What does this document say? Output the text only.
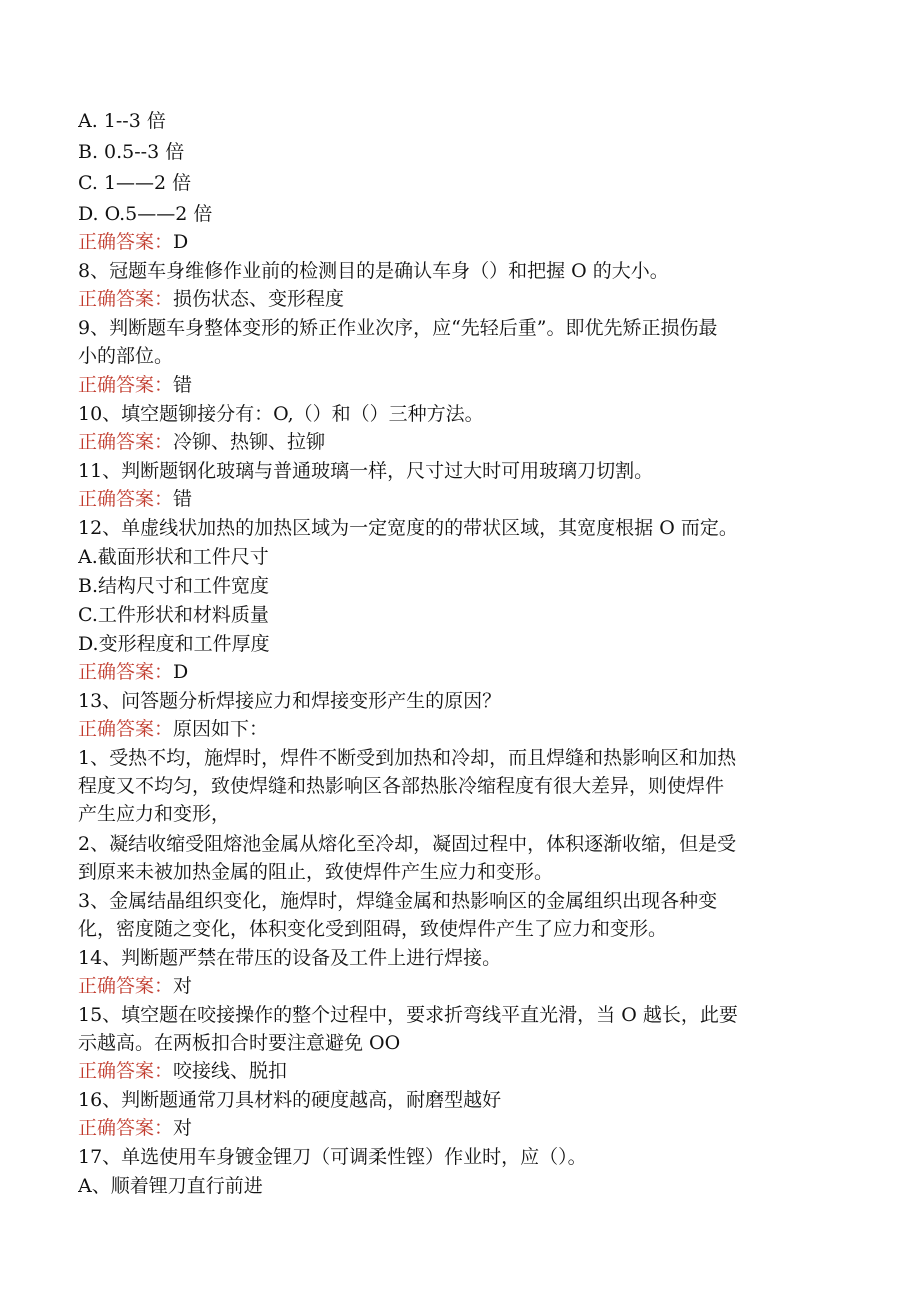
A. 1--3 倍
B. 0.5--3 倍
C. 1——2 倍
D. O.5——2 倍
正确答案：D
8、冠题车身维修作业前的检测目的是确认车身（）和把握 O 的大小。
正确答案：损伤状态、变形程度
9、判断题车身整体变形的矫正作业次序，应“先轻后重”。即优先矫正损伤最
小的部位。
正确答案：错
10、填空题铆接分有：O,（）和（）三种方法。
正确答案：冷铆、热铆、拉铆
11、判断题钢化玻璃与普通玻璃一样，尺寸过大时可用玻璃刀切割。
正确答案：错
12、单虚线状加热的加热区域为一定宽度的的带状区域，其宽度根据 O 而定。
A.截面形状和工件尺寸
B.结构尺寸和工件宽度
C.工件形状和材料质量
D.变形程度和工件厚度
正确答案：D
13、问答题分析焊接应力和焊接变形产生的原因？
正确答案：原因如下：
1、受热不均，施焊时，焊件不断受到加热和冷却，而且焊缝和热影响区和加热
程度又不均匀，致使焊缝和热影响区各部热胀冷缩程度有很大差异，则使焊件
产生应力和变形，
2、凝结收缩受阻熔池金属从熔化至冷却，凝固过程中，体积逐渐收缩，但是受
到原来未被加热金属的阻止，致使焊件产生应力和变形。
3、金属结晶组织变化，施焊时，焊缝金属和热影响区的金属组织出现各种变
化，密度随之变化，体积变化受到阻碍，致使焊件产生了应力和变形。
14、判断题严禁在带压的设备及工件上进行焊接。
正确答案：对
15、填空题在咬接操作的整个过程中，要求折弯线平直光滑，当 O 越长，此要
示越高。在两板扣合时要注意避免 OO
正确答案：咬接线、脱扣
16、判断题通常刀具材料的硬度越高，耐磨型越好
正确答案：对
17、单选使用车身镀金锂刀（可调柔性铿）作业时，应（）。
A、顺着锂刀直行前进
